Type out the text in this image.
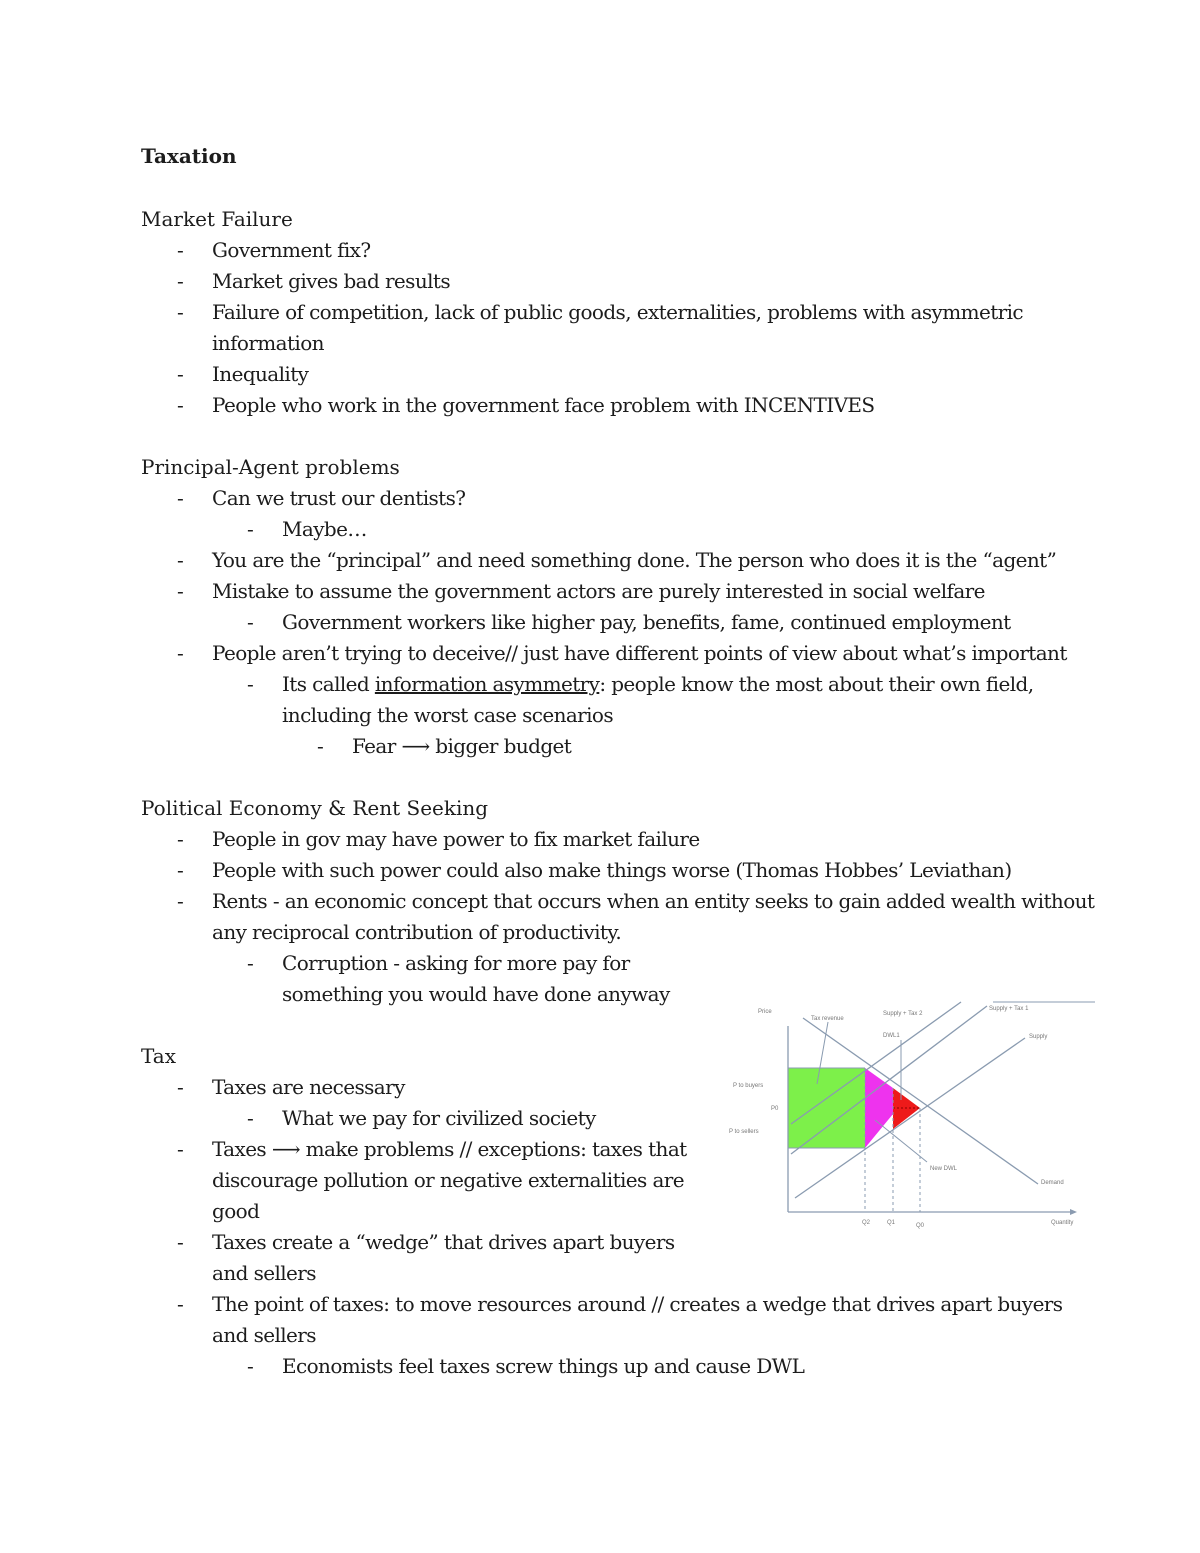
Taxation
Market Failure
- Government fix?
- Market gives bad results
- Failure of competition, lack of public goods, externalities, problems with asymmetric information
- Inequality
- People who work in the government face problem with INCENTIVES
Principal-Agent problems
- Can we trust our dentists?
- Maybe…
- You are the “principal” and need something done. The person who does it is the “agent”
- Mistake to assume the government actors are purely interested in social welfare
- Government workers like higher pay, benefits, fame, continued employment
- People aren’t trying to deceive// just have different points of view about what’s important
- Its called information asymmetry: people know the most about their own field, including the worst case scenarios
- Fear ⟶ bigger budget
Political Economy & Rent Seeking
- People in gov may have power to fix market failure
- People with such power could also make things worse (Thomas Hobbes’ Leviathan)
- Rents - an economic concept that occurs when an entity seeks to gain added wealth without any reciprocal contribution of productivity.
- Corruption - asking for more pay for something you would have done anyway
Tax
- Taxes are necessary
- What we pay for civilized society
- Taxes ⟶ make problems // exceptions: taxes that discourage pollution or negative externalities are good
- Taxes create a “wedge” that drives apart buyers and sellers
- The point of taxes: to move resources around // creates a wedge that drives apart buyers and sellers
- Economists feel taxes screw things up and cause DWL
Price
Quantity
Tax revenue
Supply + Tax 2
Supply + Tax 1
Supply
Demand
DWL1
New DWL
P to buyers
P0
P to sellers
Q2	Q1	Q0
